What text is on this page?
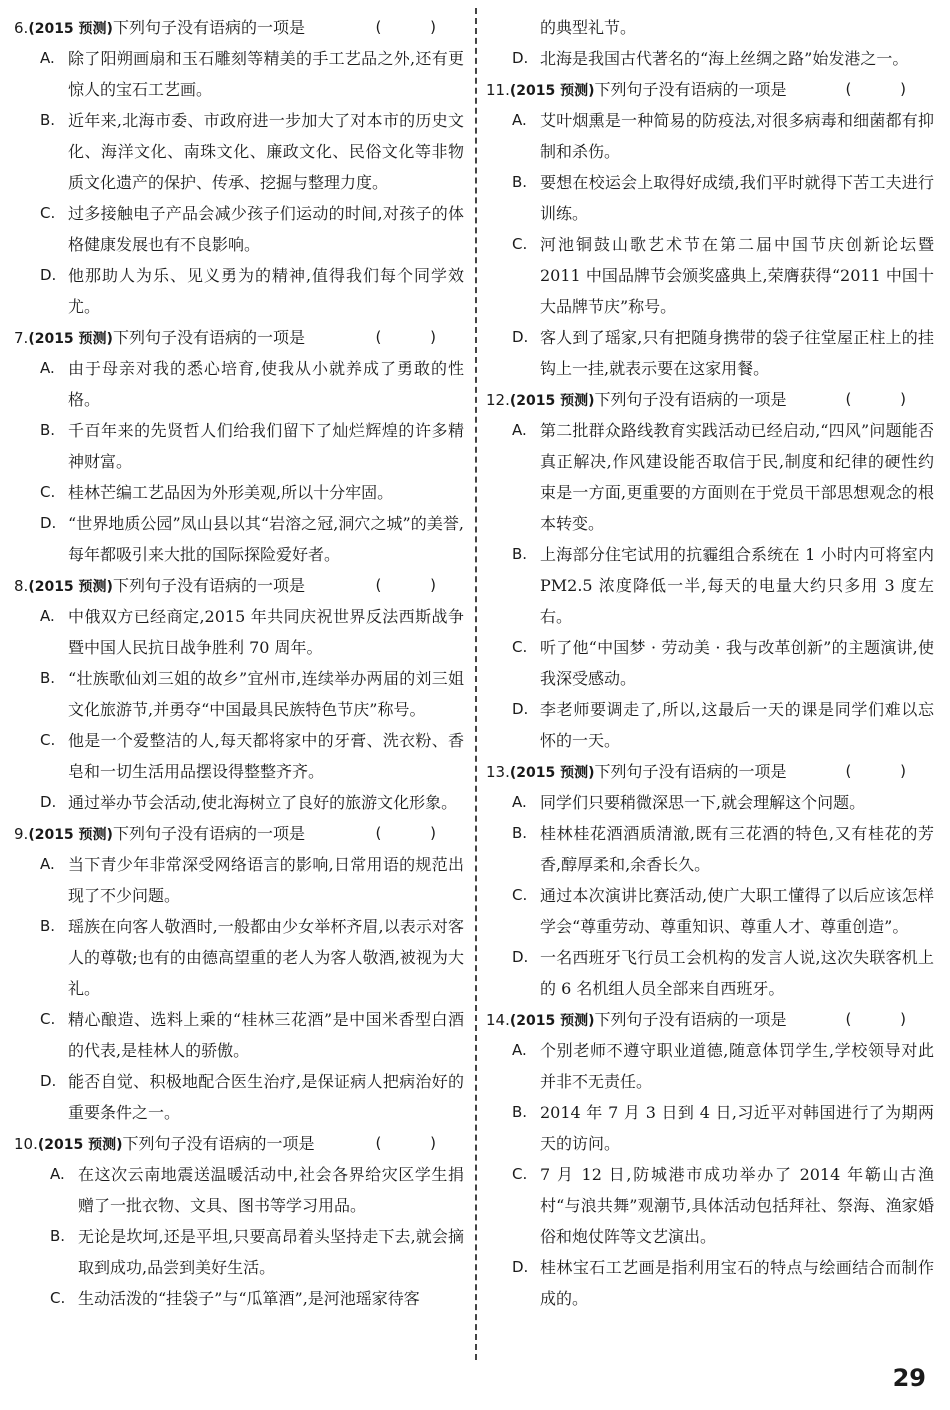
6.(2015 预测)下列句子没有语病的一项是	( )
A. 除了阳朔画扇和玉石雕刻等精美的手工艺品之外,还有更惊人的宝石工艺画。
B. 近年来,北海市委、市政府进一步加大了对本市的历史文化、海洋文化、南珠文化、廉政文化、民俗文化等非物质文化遗产的保护、传承、挖掘与整理力度。
C. 过多接触电子产品会减少孩子们运动的时间,对孩子的体格健康发展也有不良影响。
D. 他那助人为乐、见义勇为的精神,值得我们每个同学效尤。
7.(2015 预测)下列句子没有语病的一项是	( )
A. 由于母亲对我的悉心培育,使我从小就养成了勇敢的性格。
B. 千百年来的先贤哲人们给我们留下了灿烂辉煌的许多精神财富。
C. 桂林芒编工艺品因为外形美观,所以十分牢固。
D. “世界地质公园”凤山县以其“岩溶之冠,洞穴之城”的美誉,每年都吸引来大批的国际探险爱好者。
8.(2015 预测)下列句子没有语病的一项是	( )
A. 中俄双方已经商定,2015 年共同庆祝世界反法西斯战争暨中国人民抗日战争胜利 70 周年。
B. “壮族歌仙刘三姐的故乡”宜州市,连续举办两届的刘三姐文化旅游节,并勇夺“中国最具民族特色节庆”称号。
C. 他是一个爱整洁的人,每天都将家中的牙膏、洗衣粉、香皂和一切生活用品摆设得整整齐齐。
D. 通过举办节会活动,使北海树立了良好的旅游文化形象。
9.(2015 预测)下列句子没有语病的一项是	( )
A. 当下青少年非常深受网络语言的影响,日常用语的规范出现了不少问题。
B. 瑶族在向客人敬酒时,一般都由少女举杯齐眉,以表示对客人的尊敬;也有的由德高望重的老人为客人敬酒,被视为大礼。
C. 精心酿造、选料上乘的“桂林三花酒”是中国米香型白酒的代表,是桂林人的骄傲。
D. 能否自觉、积极地配合医生治疗,是保证病人把病治好的重要条件之一。
10.(2015 预测)下列句子没有语病的一项是	( )
A. 在这次云南地震送温暖活动中,社会各界给灾区学生捐赠了一批衣物、文具、图书等学习用品。
B. 无论是坎坷,还是平坦,只要高昂着头坚持走下去,就会摘取到成功,品尝到美好生活。
C. 生动活泼的“挂袋子”与“瓜箪酒”,是河池瑶家待客
的典型礼节。
D. 北海是我国古代著名的“海上丝绸之路”始发港之一。
11.(2015 预测)下列句子没有语病的一项是	( )
A. 艾叶烟熏是一种简易的防疫法,对很多病毒和细菌都有抑制和杀伤。
B. 要想在校运会上取得好成绩,我们平时就得下苦工夫进行训练。
C. 河池铜鼓山歌艺术节在第二届中国节庆创新论坛暨 2011 中国品牌节会颁奖盛典上,荣膺获得“2011 中国十大品牌节庆”称号。
D. 客人到了瑶家,只有把随身携带的袋子往堂屋正柱上的挂钩上一挂,就表示要在这家用餐。
12.(2015 预测)下列句子没有语病的一项是	( )
A. 第二批群众路线教育实践活动已经启动,“四风”问题能否真正解决,作风建设能否取信于民,制度和纪律的硬性约束是一方面,更重要的方面则在于党员干部思想观念的根本转变。
B. 上海部分住宅试用的抗霾组合系统在 1 小时内可将室内 PM2.5 浓度降低一半,每天的电量大约只多用 3 度左右。
C. 听了他“中国梦 · 劳动美 · 我与改革创新”的主题演讲,使我深受感动。
D. 李老师要调走了,所以,这最后一天的课是同学们难以忘怀的一天。
13.(2015 预测)下列句子没有语病的一项是	( )
A. 同学们只要稍微深思一下,就会理解这个问题。
B. 桂林桂花酒酒质清澈,既有三花酒的特色,又有桂花的芳香,醇厚柔和,余香长久。
C. 通过本次演讲比赛活动,使广大职工懂得了以后应该怎样学会“尊重劳动、尊重知识、尊重人才、尊重创造”。
D. 一名西班牙飞行员工会机构的发言人说,这次失联客机上的 6 名机组人员全部来自西班牙。
14.(2015 预测)下列句子没有语病的一项是	( )
A. 个别老师不遵守职业道德,随意体罚学生,学校领导对此并非不无责任。
B. 2014 年 7 月 3 日到 4 日,习近平对韩国进行了为期两天的访问。
C. 7 月 12 日,防城港市成功举办了 2014 年簕山古渔村“与浪共舞”观潮节,具体活动包括拜社、祭海、渔家婚俗和炮仗阵等文艺演出。
D. 桂林宝石工艺画是指利用宝石的特点与绘画结合而制作成的。
29
